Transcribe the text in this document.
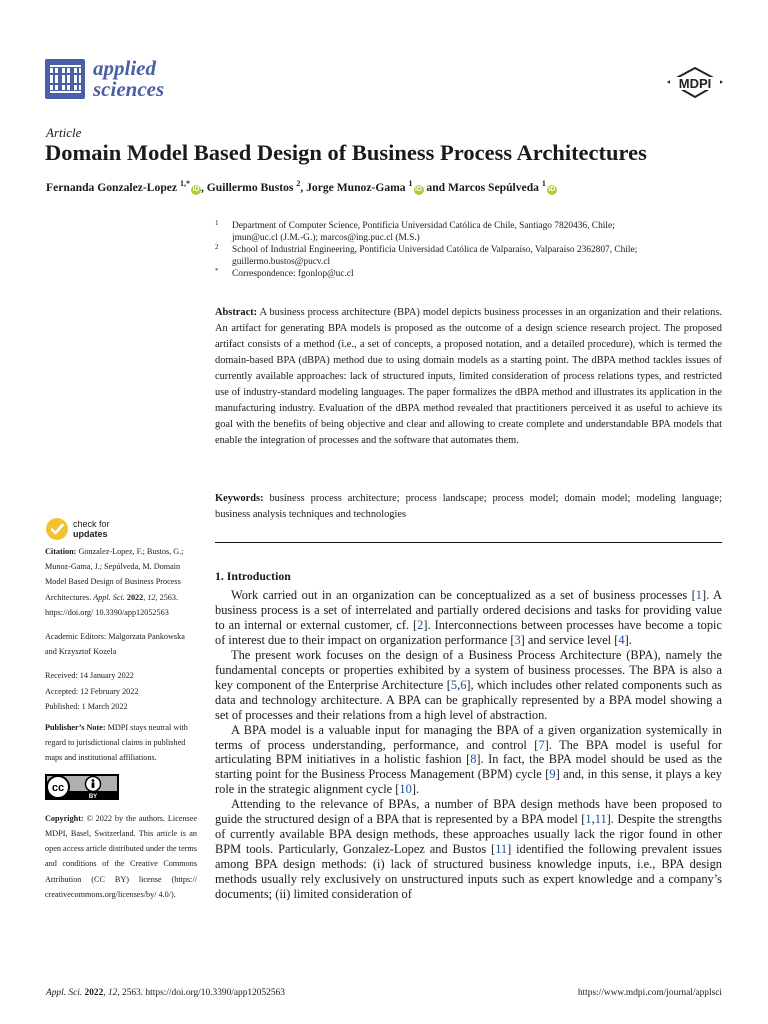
applied
sciences	MDPI
Article
Domain Model Based Design of Business Process Architectures
Fernanda Gonzalez-Lopez $^{1,*}$iD , Guillermo Bustos $^2$, Jorge Munoz-Gama $^1$iD and Marcos Sepúlveda $^1$iD
1 Department of Computer Science, Pontificia Universidad Católica de Chile, Santiago 7820436, Chile;
jmun@uc.cl (J.M.-G.); marcos@ing.puc.cl (M.S.)
2 School of Industrial Engineering, Pontificia Universidad Católica de Valparaíso, Valparaíso 2362807, Chile;
guillermo.bustos@pucv.cl
* Correspondence: fgonlop@uc.cl
Abstract: A business process architecture (BPA) model depicts business processes in an organization and their relations. An artifact for generating BPA models is proposed as the outcome of a design science research project. The proposed artifact consists of a method (i.e., a set of concepts, a proposed notation, and a detailed procedure), which is termed the domain-based BPA (dBPA) method due to using domain models as a starting point. The dBPA method tackles issues of currently available approaches: lack of structured inputs, limited consideration of process relations types, and restricted use of industry-standard modeling languages. The paper formalizes the dBPA method and illustrates its application in the manufacturing industry. Evaluation of the dBPA method revealed that practitioners perceived it as useful to achieve its goal with the benefits of being objective and clear and allowing to create complete and understandable BPA models that enable the integration of processes and the software that automates them.
Keywords: business process architecture; process landscape; process model; domain model; modeling language; business analysis techniques and technologies
check for
updates

Citation: Gonzalez-Lopez, F.; Bustos, G.; Munoz-Gama, J.; Sepúlveda, M. Domain Model Based Design of Business Process Architectures. Appl. Sci. 2022, 12, 2563. https://doi.org/ 10.3390/app12052563

Academic Editors: Malgorzata Pankowska and Krzysztof Kozela

Received: 14 January 2022
Accepted: 12 February 2022
Published: 1 March 2022

Publisher’s Note: MDPI stays neutral with regard to jurisdictional claims in published maps and institutional affiliations.

cc
BY

Copyright: © 2022 by the authors. Licensee MDPI, Basel, Switzerland. This article is an open access article distributed under the terms and conditions of the Creative Commons Attribution (CC BY) license (https:// creativecommons.org/licenses/by/ 4.0/).

1. Introduction

Work carried out in an organization can be conceptualized as a set of business processes [1]. A business process is a set of interrelated and partially ordered decisions and tasks for providing value to an internal or external customer, cf. [2]. Interconnections between processes have become a topic of interest due to their impact on organization performance [3] and service level [4].

The present work focuses on the design of a Business Process Architecture (BPA), namely the fundamental concepts or properties exhibited by a system of business processes. The BPA is also a key component of the Enterprise Architecture [5,6], which includes other related components such as data and technology architecture. A BPA can be graphically represented by a BPA model showing a set of processes and their relations from a high level of abstraction.

A BPA model is a valuable input for managing the BPA of a given organization systemically in terms of process understanding, performance, and control [7]. The BPA model is useful for articulating BPM initiatives in a holistic fashion [8]. In fact, the BPA model should be used as the starting point for the Business Process Management (BPM) cycle [9] and, in this sense, it plays a key role in the strategic alignment cycle [10].

Attending to the relevance of BPAs, a number of BPA design methods have been proposed to guide the structured design of a BPA that is represented by a BPA model [1,11]. Despite the strengths of currently available BPA design methods, these approaches usually lack the rigor found in other BPM tools. Particularly, Gonzalez-Lopez and Bustos [11] identified the following prevalent issues among BPA design methods: (i) lack of structured business knowledge inputs, i.e., BPA design methods usually rely exclusively on unstructured inputs such as expert knowledge and a company’s documents; (ii) limited consideration of

Appl. Sci. 2022, 12, 2563. https://doi.org/10.3390/app12052563	https://www.mdpi.com/journal/applsci
